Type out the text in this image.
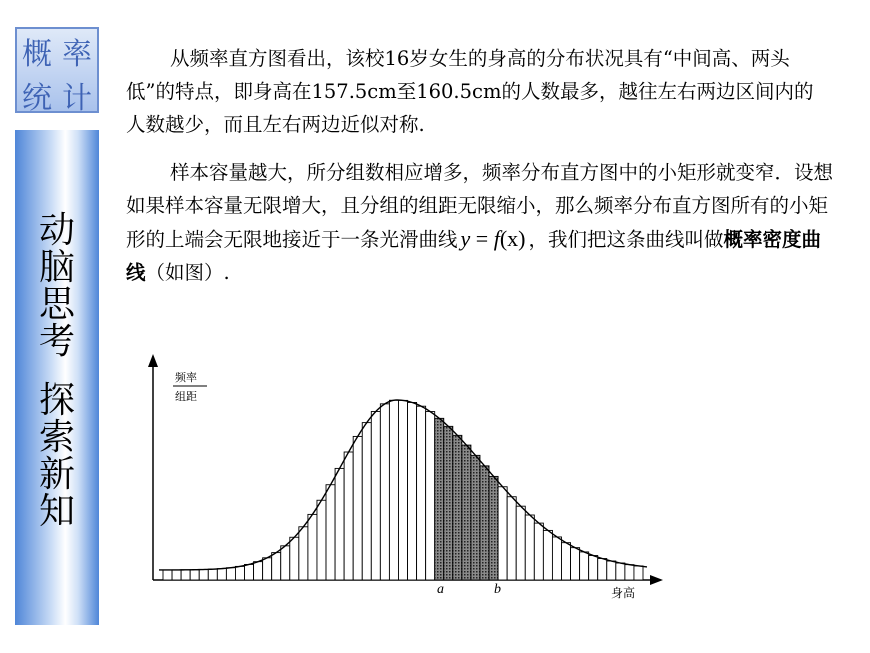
概 率
统 计
动
脑
思
考
探
索
新
知

从频率直方图看出，该校16岁女生的身高的分布状况具有“中间高、两头低”的特点，即身高在157.5cm至160.5cm的人数最多，越往左右两边区间内的人数越少，而且左右两边近似对称.

样本容量越大，所分组数相应增多，频率分布直方图中的小矩形就变窄．设想如果样本容量无限增大，且分组的组距无限缩小，那么频率分布直方图所有的小矩形的上端会无限地接近于一条光滑曲线 y = f(x) ，我们把这条曲线叫做概率密度曲线（如图）.

频率
组距
a	b	身高
